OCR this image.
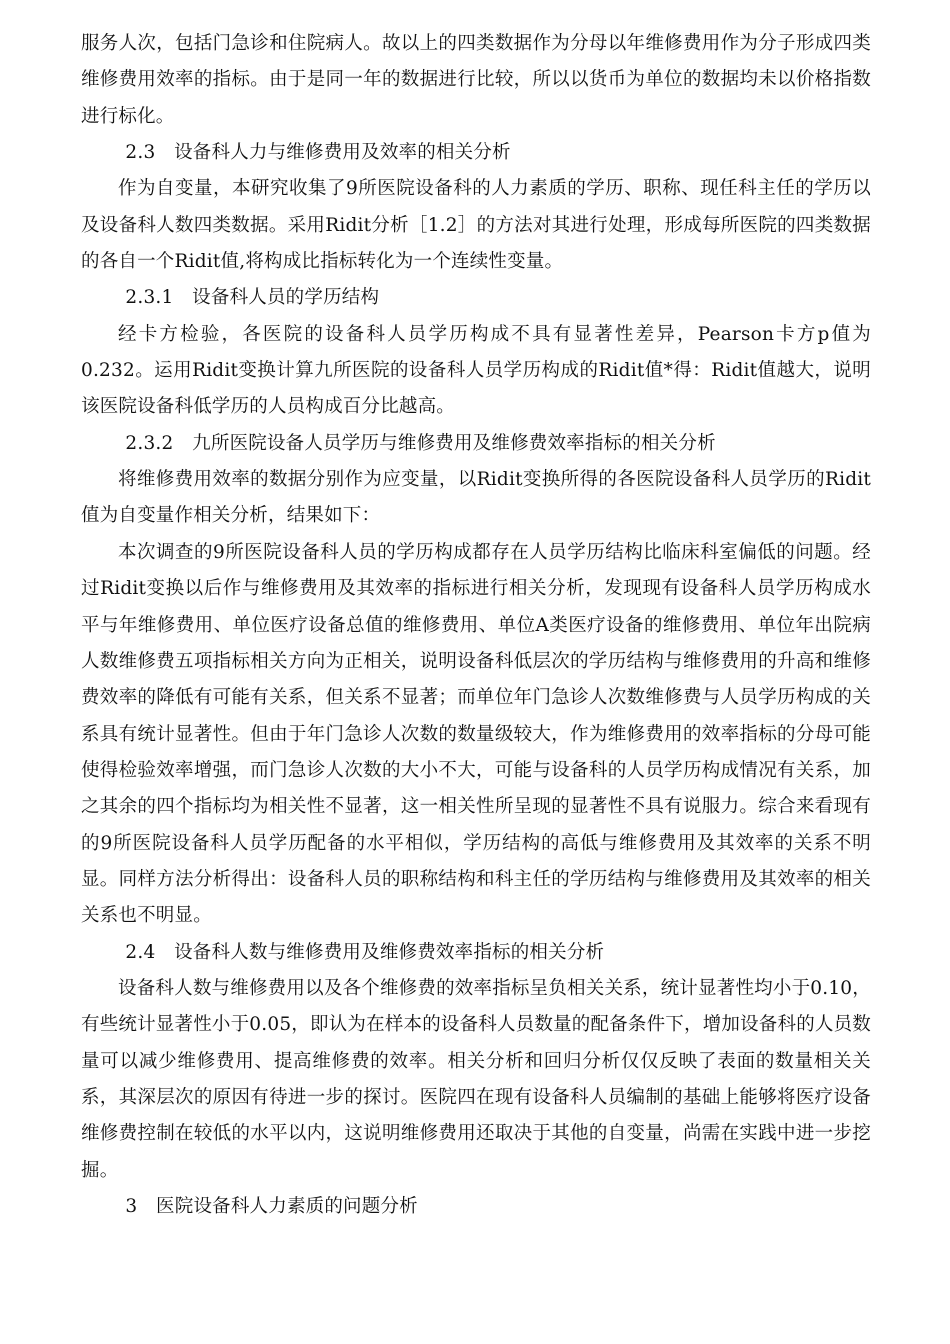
服务人次，包括门急诊和住院病人。故以上的四类数据作为分母以年维修费用作为分子形成四类维修费用效率的指标。由于是同一年的数据进行比较，所以以货币为单位的数据均未以价格指数进行标化。

2.3　设备科人力与维修费用及效率的相关分析

作为自变量，本研究收集了9所医院设备科的人力素质的学历、职称、现任科主任的学历以及设备科人数四类数据。采用Ridit分析［1.2］的方法对其进行处理，形成每所医院的四类数据的各自一个Ridit值,将构成比指标转化为一个连续性变量。

2.3.1　设备科人员的学历结构

经卡方检验，各医院的设备科人员学历构成不具有显著性差异，Pearson卡方p值为0.232。运用Ridit变换计算九所医院的设备科人员学历构成的Ridit值*得：Ridit值越大，说明该医院设备科低学历的人员构成百分比越高。

2.3.2　九所医院设备人员学历与维修费用及维修费效率指标的相关分析

将维修费用效率的数据分别作为应变量，以Ridit变换所得的各医院设备科人员学历的Ridit值为自变量作相关分析，结果如下：

本次调查的9所医院设备科人员的学历构成都存在人员学历结构比临床科室偏低的问题。经过Ridit变换以后作与维修费用及其效率的指标进行相关分析，发现现有设备科人员学历构成水平与年维修费用、单位医疗设备总值的维修费用、单位A类医疗设备的维修费用、单位年出院病人数维修费五项指标相关方向为正相关，说明设备科低层次的学历结构与维修费用的升高和维修费效率的降低有可能有关系，但关系不显著；而单位年门急诊人次数维修费与人员学历构成的关系具有统计显著性。但由于年门急诊人次数的数量级较大，作为维修费用的效率指标的分母可能使得检验效率增强，而门急诊人次数的大小不大，可能与设备科的人员学历构成情况有关系，加之其余的四个指标均为相关性不显著，这一相关性所呈现的显著性不具有说服力。综合来看现有的9所医院设备科人员学历配备的水平相似，学历结构的高低与维修费用及其效率的关系不明显。同样方法分析得出：设备科人员的职称结构和科主任的学历结构与维修费用及其效率的相关关系也不明显。

2.4　设备科人数与维修费用及维修费效率指标的相关分析

设备科人数与维修费用以及各个维修费的效率指标呈负相关关系，统计显著性均小于0.10，有些统计显著性小于0.05，即认为在样本的设备科人员数量的配备条件下，增加设备科的人员数量可以减少维修费用、提高维修费的效率。相关分析和回归分析仅仅反映了表面的数量相关关系，其深层次的原因有待进一步的探讨。医院四在现有设备科人员编制的基础上能够将医疗设备维修费控制在较低的水平以内，这说明维修费用还取决于其他的自变量，尚需在实践中进一步挖掘。

3　医院设备科人力素质的问题分析
